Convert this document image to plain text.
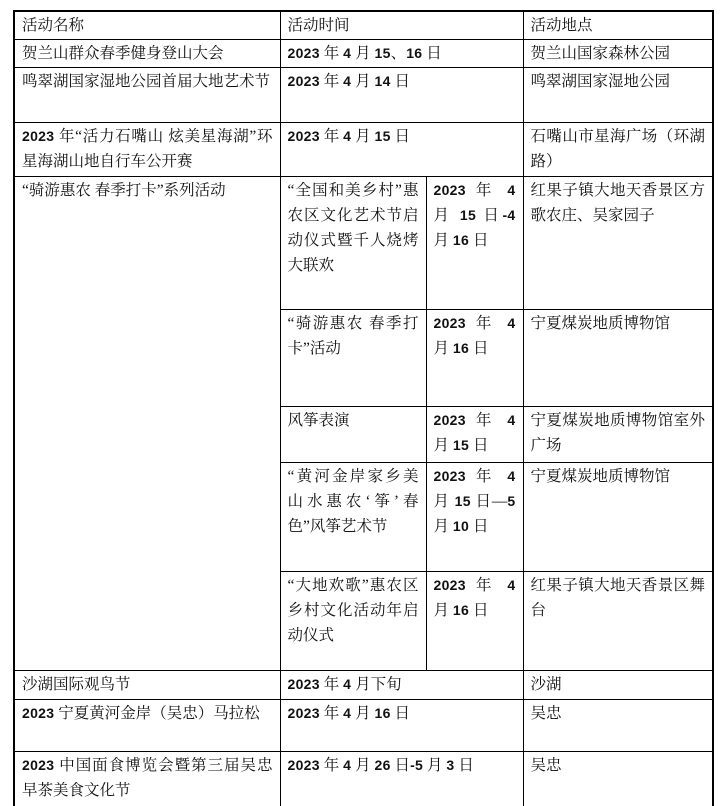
活动名称	活动时间		活动地点
贺兰山群众春季健身登山大会	2023 年 4 月 15、16 日		贺兰山国家森林公园
鸣翠湖国家湿地公园首届大地艺术节	2023 年 4 月 14 日		鸣翠湖国家湿地公园
2023 年“活力石嘴山 炫美星海湖”环星海湖山地自行车公开赛	2023 年 4 月 15 日		石嘴山市星海广场（环湖路）
“骑游惠农 春季打卡”系列活动	“全国和美乡村”惠农区文化艺术节启动仪式暨千人烧烤大联欢	2023 年 4 月 15 日-4 月 16 日	红果子镇大地天香景区方歌农庄、吴家园子
	“骑游惠农 春季打卡”活动	2023 年 4 月 16 日	宁夏煤炭地质博物馆
	风筝表演	2023 年 4 月 15 日	宁夏煤炭地质博物馆室外广场
	“黄河金岸家乡美 山水惠农‘筝’春色”风筝艺术节	2023 年 4 月 15 日—5 月 10 日	宁夏煤炭地质博物馆
	“大地欢歌”惠农区乡村文化活动年启动仪式	2023 年 4 月 16 日	红果子镇大地天香景区舞台
沙湖国际观鸟节	2023 年 4 月下旬		沙湖
2023 宁夏黄河金岸（吴忠）马拉松	2023 年 4 月 16 日		吴忠
2023 中国面食博览会暨第三届吴忠早茶美食文化节	2023 年 4 月 26 日-5 月 3 日		吴忠
